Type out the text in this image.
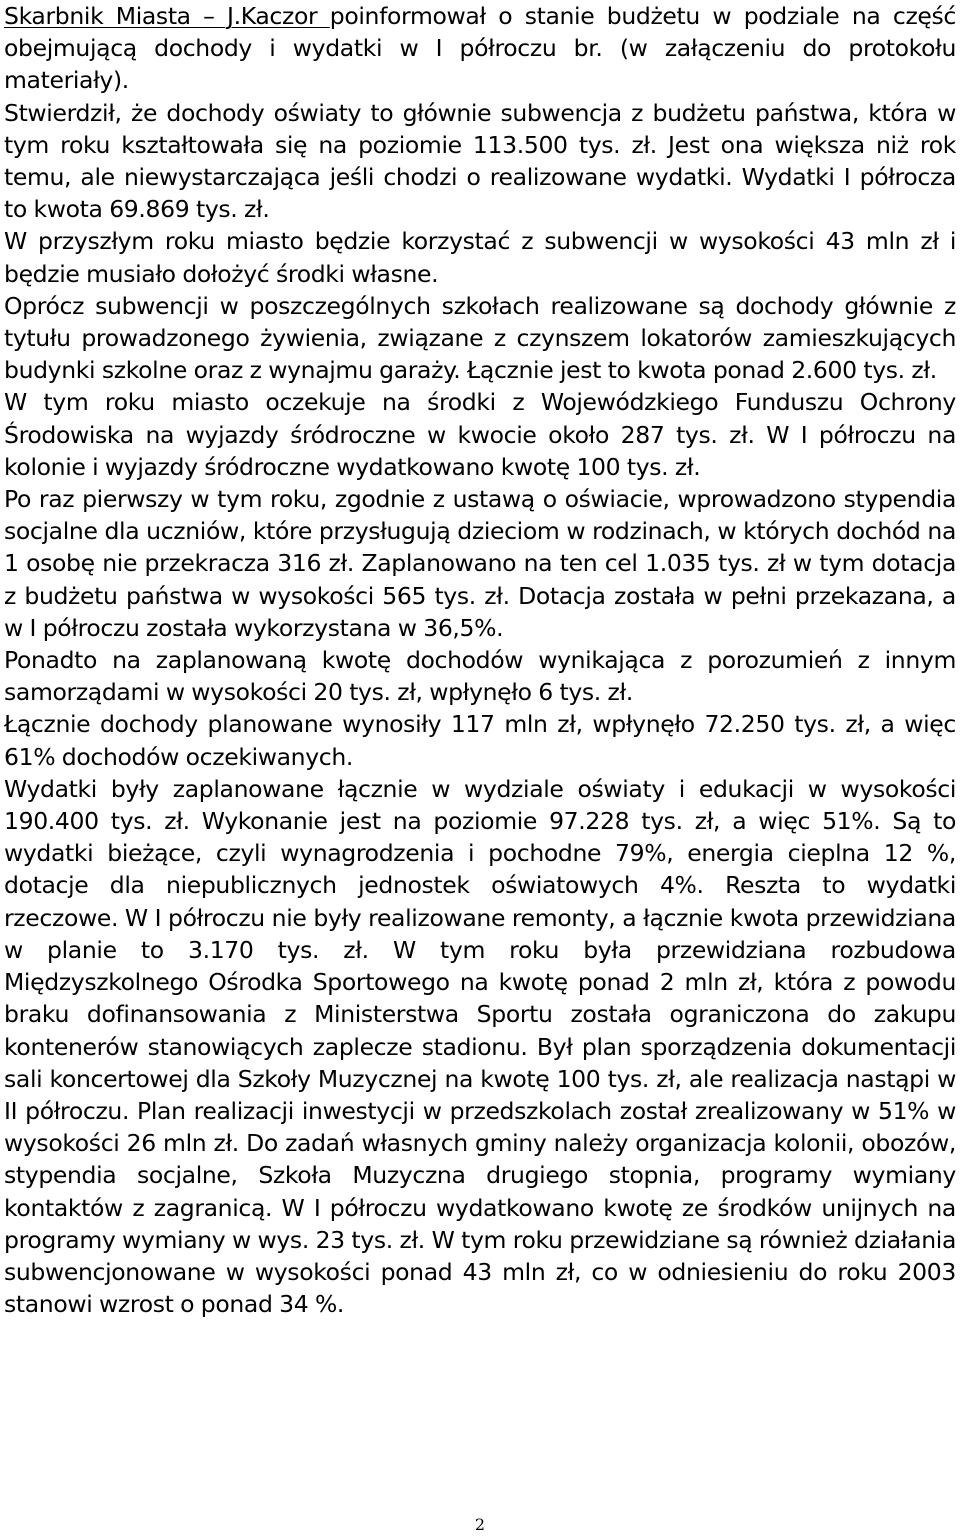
Skarbnik Miasta – J.Kaczor poinformował o stanie budżetu w podziale na część obejmującą dochody i wydatki w I półroczu br. (w załączeniu do protokołu materiały).

Stwierdził, że dochody oświaty to głównie subwencja z budżetu państwa, która w tym roku kształtowała się na poziomie 113.500 tys. zł. Jest ona większa niż rok temu, ale niewystarczająca jeśli chodzi o realizowane wydatki. Wydatki I półrocza to kwota 69.869 tys. zł.

W przyszłym roku miasto będzie korzystać z subwencji w wysokości 43 mln zł i będzie musiało dołożyć środki własne.

Oprócz subwencji w poszczególnych szkołach realizowane są dochody głównie z tytułu prowadzonego żywienia, związane z czynszem lokatorów zamieszkujących budynki szkolne oraz z wynajmu garaży. Łącznie jest to kwota ponad 2.600 tys. zł.

W tym roku miasto oczekuje na środki z Wojewódzkiego Funduszu Ochrony Środowiska na wyjazdy śródroczne w kwocie około 287 tys. zł. W I półroczu na kolonie i wyjazdy śródroczne wydatkowano kwotę 100 tys. zł.

Po raz pierwszy w tym roku, zgodnie z ustawą o oświacie, wprowadzono stypendia socjalne dla uczniów, które przysługują dzieciom w rodzinach, w których dochód na 1 osobę nie przekracza 316 zł. Zaplanowano na ten cel 1.035 tys. zł w tym dotacja z budżetu państwa w wysokości 565 tys. zł. Dotacja została w pełni przekazana, a w I półroczu została wykorzystana w 36,5%.

Ponadto na zaplanowaną kwotę dochodów wynikająca z porozumień z innym samorządami w wysokości 20 tys. zł, wpłynęło 6 tys. zł.

Łącznie dochody planowane wynosiły 117 mln zł, wpłynęło 72.250 tys. zł, a więc 61% dochodów oczekiwanych.

Wydatki były zaplanowane łącznie w wydziale oświaty i edukacji w wysokości 190.400 tys. zł. Wykonanie jest na poziomie 97.228 tys. zł, a więc 51%. Są to wydatki bieżące, czyli wynagrodzenia i pochodne 79%, energia cieplna 12 %, dotacje dla niepublicznych jednostek oświatowych 4%. Reszta to wydatki rzeczowe. W I półroczu nie były realizowane remonty, a łącznie kwota przewidziana w planie to 3.170 tys. zł. W tym roku była przewidziana rozbudowa Międzyszkolnego Ośrodka Sportowego na kwotę ponad 2 mln zł, która z powodu braku dofinansowania z Ministerstwa Sportu została ograniczona do zakupu kontenerów stanowiących zaplecze stadionu. Był plan sporządzenia dokumentacji sali koncertowej dla Szkoły Muzycznej na kwotę 100 tys. zł, ale realizacja nastąpi w II półroczu. Plan realizacji inwestycji w przedszkolach został zrealizowany w 51% w wysokości 26 mln zł. Do zadań własnych gminy należy organizacja kolonii, obozów, stypendia socjalne, Szkoła Muzyczna drugiego stopnia, programy wymiany kontaktów z zagranicą. W I półroczu wydatkowano kwotę ze środków unijnych na programy wymiany w wys. 23 tys. zł. W tym roku przewidziane są również działania subwencjonowane w wysokości ponad 43 mln zł, co w odniesieniu do roku 2003 stanowi wzrost o ponad 34 %.

2
